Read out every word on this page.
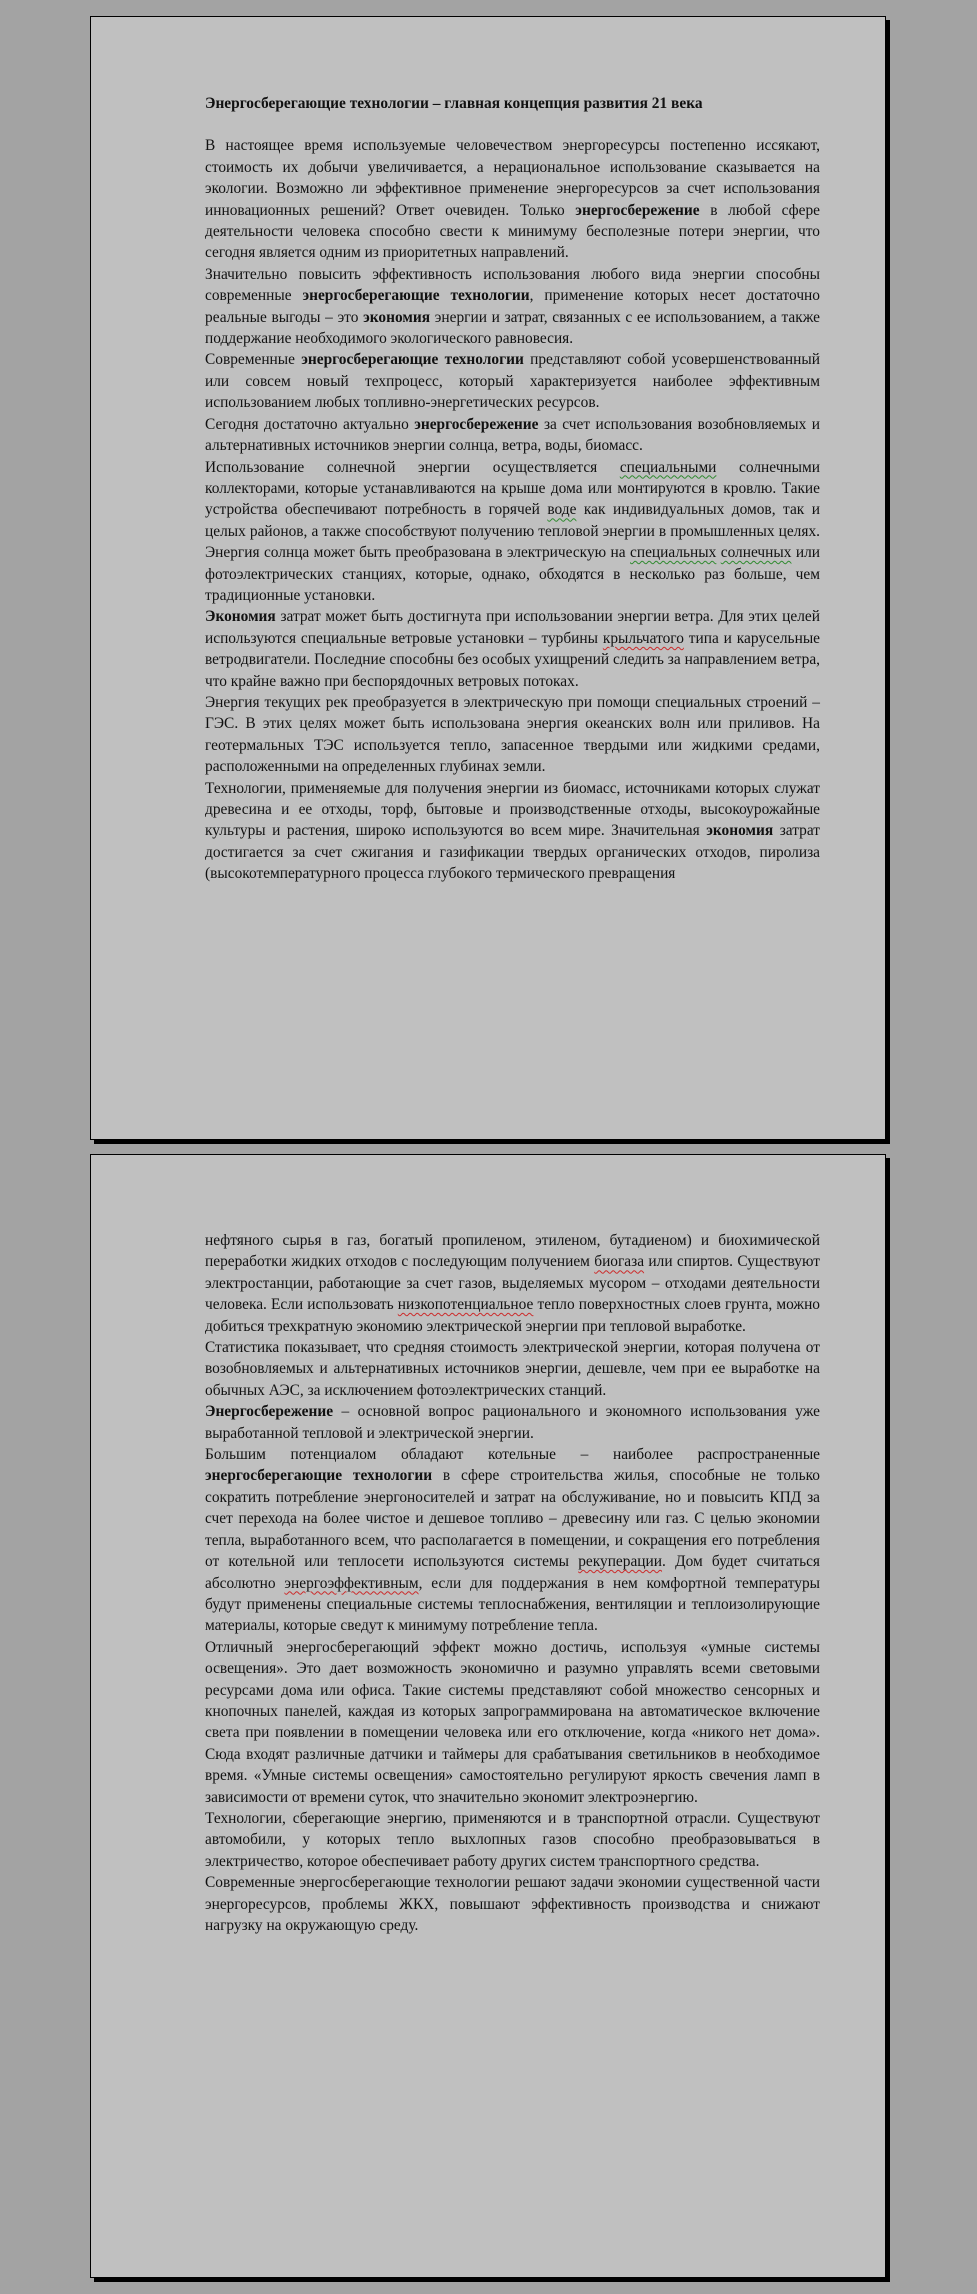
Энергосберегающие технологии – главная концепция развития 21 века

В настоящее время используемые человечеством энергоресурсы постепенно иссякают, стоимость их добычи увеличивается, а нерациональное использование сказывается на экологии. Возможно ли эффективное применение энергоресурсов за счет использования инновационных решений? Ответ очевиден. Только энергосбережение в любой сфере деятельности человека способно свести к минимуму бесполезные потери энергии, что сегодня является одним из приоритетных направлений.

Значительно повысить эффективность использования любого вида энергии способны современные энергосберегающие технологии, применение которых несет достаточно реальные выгоды – это экономия энергии и затрат, связанных с ее использованием, а также поддержание необходимого экологического равновесия.

Современные энергосберегающие технологии представляют собой усовершенствованный или совсем новый техпроцесс, который характеризуется наиболее эффективным использованием любых топливно-энергетических ресурсов.

Сегодня достаточно актуально энергосбережение за счет использования возобновляемых и альтернативных источников энергии солнца, ветра, воды, биомасс.

Использование солнечной энергии осуществляется специальными солнечными коллекторами, которые устанавливаются на крыше дома или монтируются в кровлю. Такие устройства обеспечивают потребность в горячей воде как индивидуальных домов, так и целых районов, а также способствуют получению тепловой энергии в промышленных целях. Энергия солнца может быть преобразована в электрическую на специальных солнечных или фотоэлектрических станциях, которые, однако, обходятся в несколько раз больше, чем традиционные установки.

Экономия затрат может быть достигнута при использовании энергии ветра. Для этих целей используются специальные ветровые установки – турбины крыльчатого типа и карусельные ветродвигатели. Последние способны без особых ухищрений следить за направлением ветра, что крайне важно при беспорядочных ветровых потоках.

Энергия текущих рек преобразуется в электрическую при помощи специальных строений – ГЭС. В этих целях может быть использована энергия океанских волн или приливов. На геотермальных ТЭС используется тепло, запасенное твердыми или жидкими средами, расположенными на определенных глубинах земли.

Технологии, применяемые для получения энергии из биомасс, источниками которых служат древесина и ее отходы, торф, бытовые и производственные отходы, высокоурожайные культуры и растения, широко используются во всем мире. Значительная экономия затрат достигается за счет сжигания и газификации твердых органических отходов, пиролиза (высокотемпературного процесса глубокого термического превращения

нефтяного сырья в газ, богатый пропиленом, этиленом, бутадиеном) и биохимической переработки жидких отходов с последующим получением биогаза или спиртов. Существуют электростанции, работающие за счет газов, выделяемых мусором – отходами деятельности человека. Если использовать низкопотенциальное тепло поверхностных слоев грунта, можно добиться трехкратную экономию электрической энергии при тепловой выработке.

Статистика показывает, что средняя стоимость электрической энергии, которая получена от возобновляемых и альтернативных источников энергии, дешевле, чем при ее выработке на обычных АЭС, за исключением фотоэлектрических станций.

Энергосбережение – основной вопрос рационального и экономного использования уже выработанной тепловой и электрической энергии.

Большим потенциалом обладают котельные – наиболее распространенные энергосберегающие технологии в сфере строительства жилья, способные не только сократить потребление энергоносителей и затрат на обслуживание, но и повысить КПД за счет перехода на более чистое и дешевое топливо – древесину или газ. С целью экономии тепла, выработанного всем, что располагается в помещении, и сокращения его потребления от котельной или теплосети используются системы рекуперации. Дом будет считаться абсолютно энергоэффективным, если для поддержания в нем комфортной температуры будут применены специальные системы теплоснабжения, вентиляции и теплоизолирующие материалы, которые сведут к минимуму потребление тепла.

Отличный энергосберегающий эффект можно достичь, используя «умные системы освещения». Это дает возможность экономично и разумно управлять всеми световыми ресурсами дома или офиса. Такие системы представляют собой множество сенсорных и кнопочных панелей, каждая из которых запрограммирована на автоматическое включение света при появлении в помещении человека или его отключение, когда «никого нет дома». Сюда входят различные датчики и таймеры для срабатывания светильников в необходимое время. «Умные системы освещения» самостоятельно регулируют яркость свечения ламп в зависимости от времени суток, что значительно экономит электроэнергию.

Технологии, сберегающие энергию, применяются и в транспортной отрасли. Существуют автомобили, у которых тепло выхлопных газов способно преобразовываться в электричество, которое обеспечивает работу других систем транспортного средства.

Современные энергосберегающие технологии решают задачи экономии существенной части энергоресурсов, проблемы ЖКХ, повышают эффективность производства и снижают нагрузку на окружающую среду.
